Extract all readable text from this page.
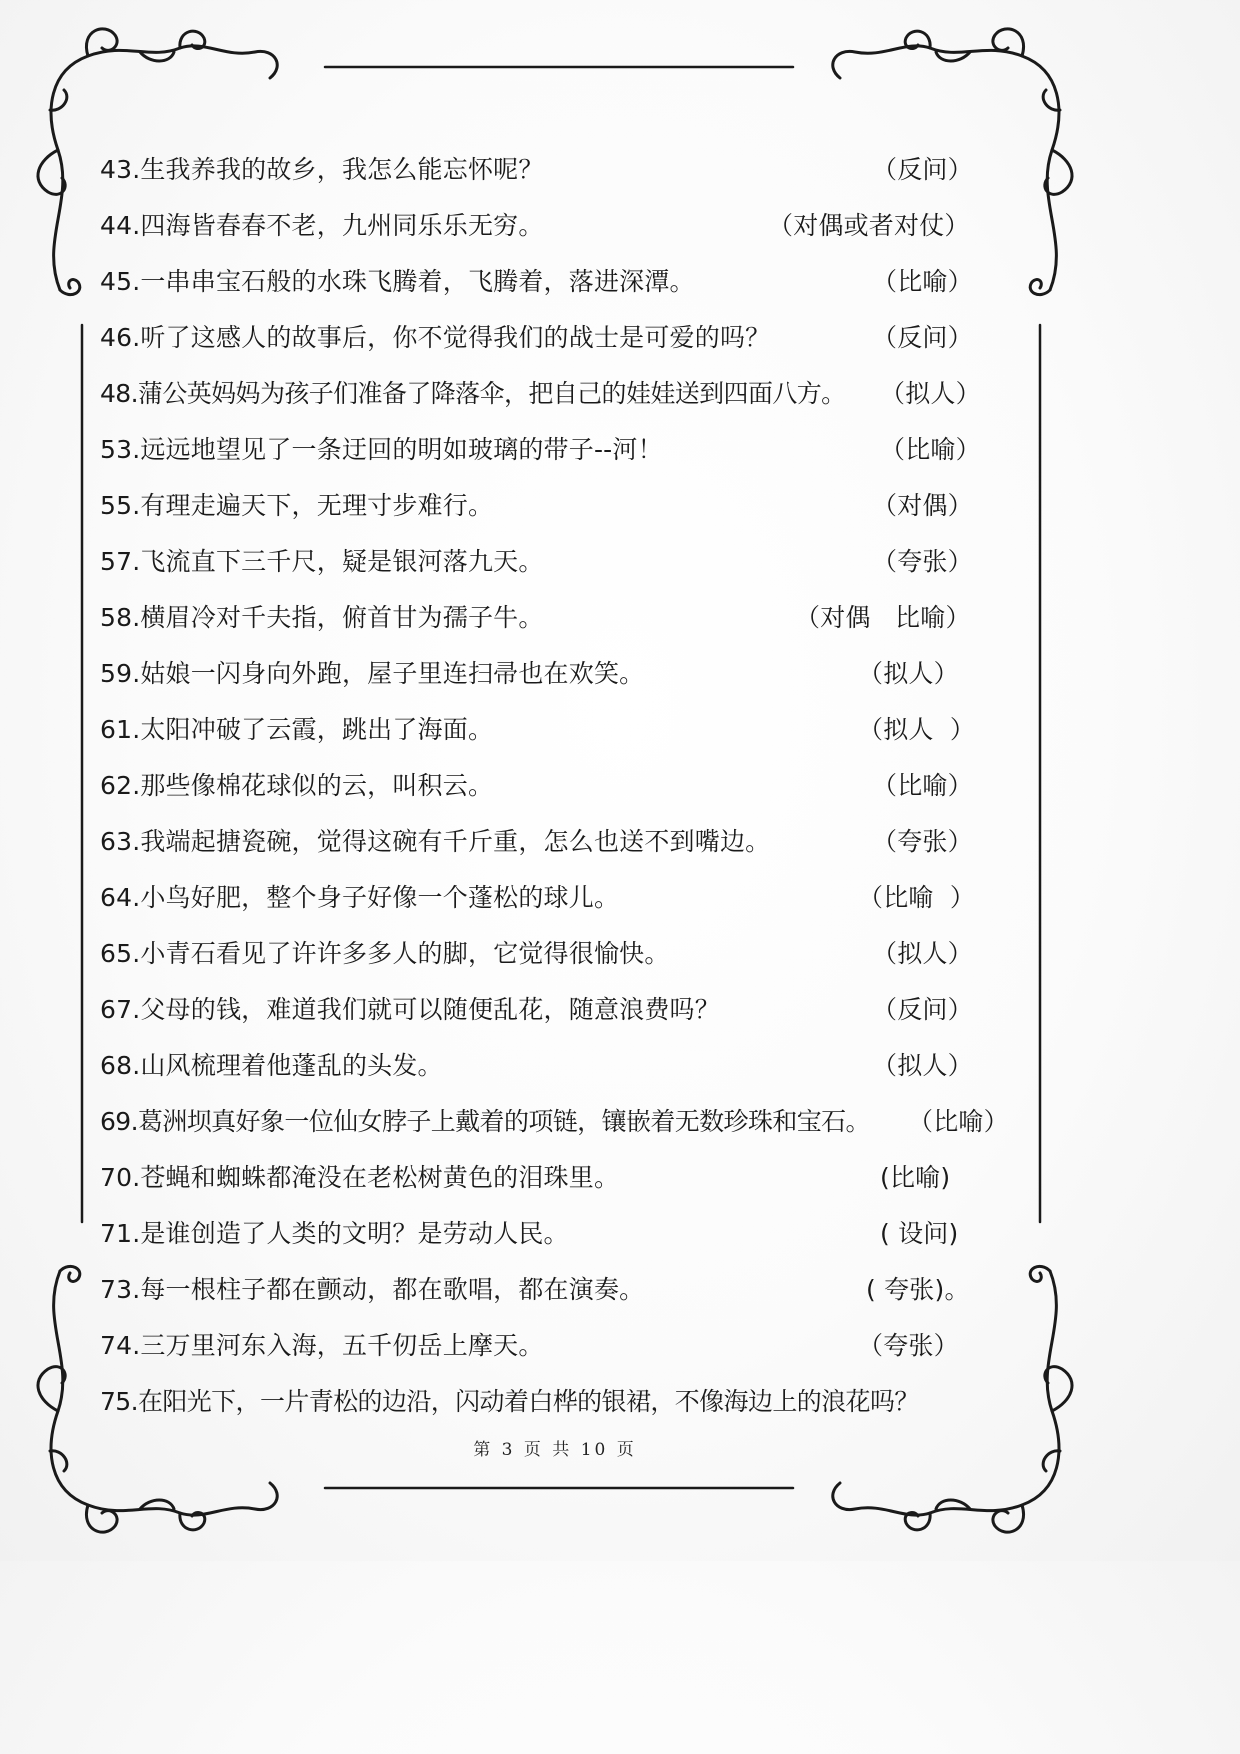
43.生我养我的故乡，我怎么能忘怀呢？	（反问）
44.四海皆春春不老，九州同乐乐无穷。	（对偶或者对仗）
45.一串串宝石般的水珠飞腾着，飞腾着，落进深潭。	（比喻）
46.听了这感人的故事后，你不觉得我们的战士是可爱的吗？	（反问）
48.蒲公英妈妈为孩子们准备了降落伞，把自己的娃娃送到四面八方。 （拟人）
53.远远地望见了一条迂回的明如玻璃的带子--河！	（比喻）
55.有理走遍天下，无理寸步难行。	（对偶）
57.飞流直下三千尺，疑是银河落九天。	（夸张）
58.横眉冷对千夫指，俯首甘为孺子牛。	（对偶   比喻）
59.姑娘一闪身向外跑，屋子里连扫帚也在欢笑。	（拟人）
61.太阳冲破了云霞，跳出了海面。	（拟人  ）
62.那些像棉花球似的云，叫积云。	（比喻）
63.我端起搪瓷碗，觉得这碗有千斤重，怎么也送不到嘴边。	（夸张）
64.小鸟好肥，整个身子好像一个蓬松的球儿。	（比喻  ）
65.小青石看见了许许多多人的脚，它觉得很愉快。	（拟人）
67.父母的钱，难道我们就可以随便乱花，随意浪费吗？	（反问）
68.山风梳理着他蓬乱的头发。	（拟人）
69.葛洲坝真好象一位仙女脖子上戴着的项链，镶嵌着无数珍珠和宝石。 （比喻）
70.苍蝇和蜘蛛都淹没在老松树黄色的泪珠里。	(比喻)
71.是谁创造了人类的文明？是劳动人民。	( 设问)
73.每一根柱子都在颤动，都在歌唱，都在演奏。	( 夸张)。
74.三万里河东入海，五千仞岳上摩天。	（夸张）
75.在阳光下，一片青松的边沿，闪动着白桦的银裙，不像海边上的浪花吗？
第 3 页 共 10 页
